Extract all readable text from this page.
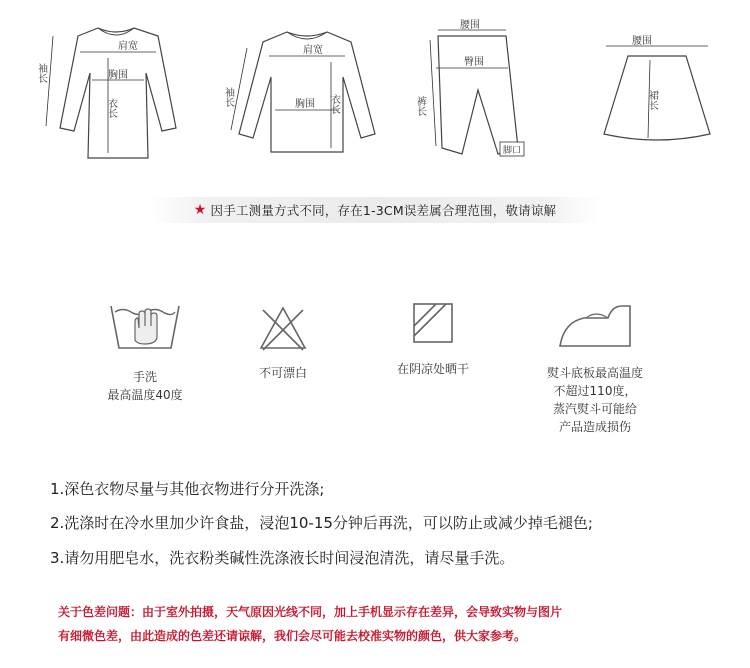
肩宽
胸围
衣长
袖长
肩宽
胸围 衣长
袖长
腰围
臀围
裤长
脚口
腰围
裙长
★ 因手工测量方式不同，存在1-3CM误差属合理范围，敬请谅解
手洗
最高温度40度
不可漂白	在阴凉处晒干	熨斗底板最高温度
不超过110度，
蒸汽熨斗可能给
产品造成损伤
1.深色衣物尽量与其他衣物进行分开洗涤;
2.洗涤时在冷水里加少许食盐，浸泡10-15分钟后再洗，可以防止或减少掉毛褪色;
3.请勿用肥皂水，洗衣粉类碱性洗涤液长时间浸泡清洗，请尽量手洗。
关于色差问题：由于室外拍摄，天气原因光线不同，加上手机显示存在差异，会导致实物与图片
有细微色差，由此造成的色差还请谅解，我们会尽可能去校准实物的颜色，供大家参考。
